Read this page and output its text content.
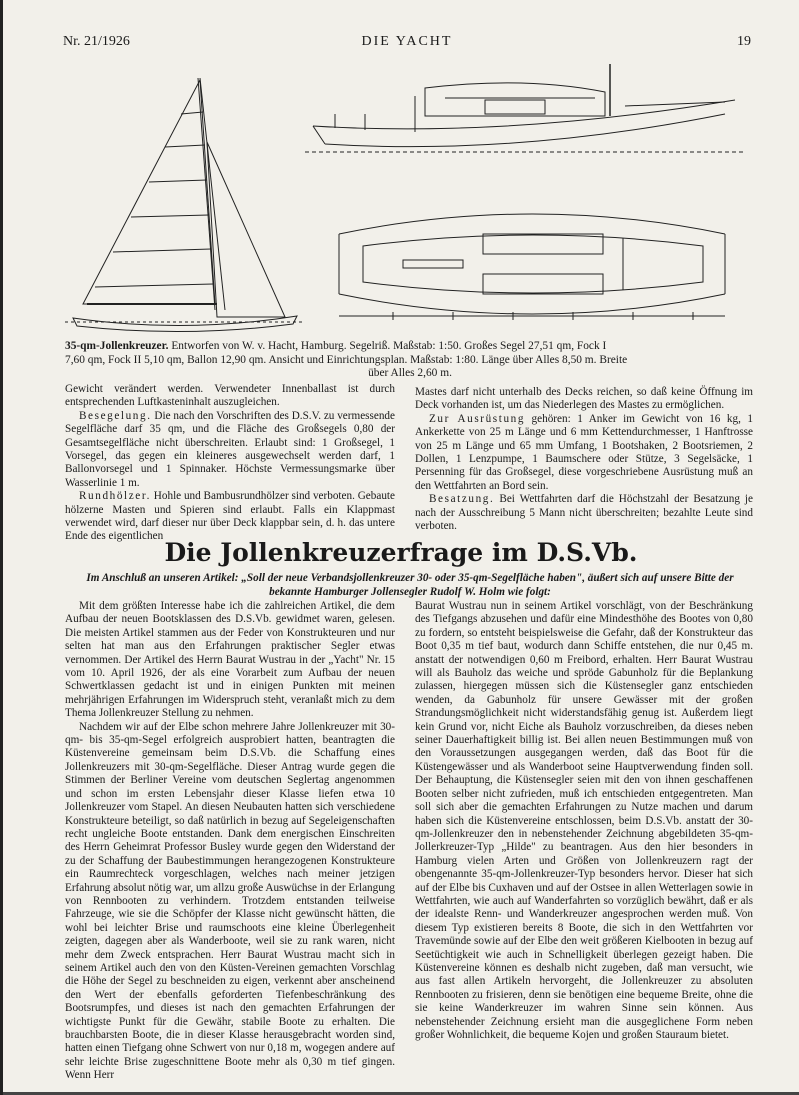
Nr. 21/1926	DIE YACHT	19
35-qm-Jollenkreuzer. Entworfen von W. v. Hacht, Hamburg. Segelriß. Maßstab: 1:50. Großes Segel 27,51 qm, Fock I
7,60 qm, Fock II 5,10 qm, Ballon 12,90 qm. Ansicht und Einrichtungsplan. Maßstab: 1:80. Länge über Alles 8,50 m. Breite
über Alles 2,60 m.

Gewicht verändert werden. Verwendeter Innenballast ist durch entsprechenden Luftkasteninhalt auszugleichen.

Besegelung. Die nach den Vorschriften des D.S.V. zu vermessende Segelfläche darf 35 qm, und die Fläche des Großsegels 0,80 der Gesamtsegelfläche nicht überschreiten. Erlaubt sind: 1 Großsegel, 1 Vorsegel, das gegen ein kleineres ausgewechselt werden darf, 1 Ballonvorsegel und 1 Spinnaker. Höchste Vermessungsmarke über Wasserlinie 1 m.

Rundhölzer. Hohle und Bambusrundhölzer sind verboten. Gebaute hölzerne Masten und Spieren sind erlaubt. Falls ein Klappmast verwendet wird, darf dieser nur über Deck klappbar sein, d. h. das untere Ende des eigentlichen

Mastes darf nicht unterhalb des Decks reichen, so daß keine Öffnung im Deck vorhanden ist, um das Niederlegen des Mastes zu ermöglichen.

Zur Ausrüstung gehören: 1 Anker im Gewicht von 16 kg, 1 Ankerkette von 25 m Länge und 6 mm Kettendurchmesser, 1 Hanftrosse von 25 m Länge und 65 mm Umfang, 1 Bootshaken, 2 Bootsriemen, 2 Dollen, 1 Lenzpumpe, 1 Baumschere oder Stütze, 3 Segelsäcke, 1 Persenning für das Großsegel, diese vorgeschriebene Ausrüstung muß an den Wettfahrten an Bord sein.

Besatzung. Bei Wettfahrten darf die Höchstzahl der Besatzung je nach der Ausschreibung 5 Mann nicht überschreiten; bezahlte Leute sind verboten.

Die Jollenkreuzerfrage im D.S.Vb.
Im Anschluß an unseren Artikel: „Soll der neue Verbandsjollenkreuzer 30- oder 35-qm-Segelfläche haben", äußert sich auf unsere Bitte der bekannte Hamburger Jollensegler Rudolf W. Holm wie folgt:

Mit dem größten Interesse habe ich die zahlreichen Artikel, die dem Aufbau der neuen Bootsklassen des D.S.Vb. gewidmet waren, gelesen. Die meisten Artikel stammen aus der Feder von Konstrukteuren und nur selten hat man aus den Erfahrungen praktischer Segler etwas vernommen. Der Artikel des Herrn Baurat Wustrau in der „Yacht" Nr. 15 vom 10. April 1926, der als eine Vorarbeit zum Aufbau der neuen Schwertklassen gedacht ist und in einigen Punkten mit meinen mehrjährigen Erfahrungen im Widerspruch steht, veranlaßt mich zu dem Thema Jollenkreuzer Stellung zu nehmen.

Nachdem wir auf der Elbe schon mehrere Jahre Jollenkreuzer mit 30-qm- bis 35-qm-Segel erfolgreich ausprobiert hatten, beantragten die Küstenvereine gemeinsam beim D.S.Vb. die Schaffung eines Jollenkreuzers mit 30-qm-Segelfläche. Dieser Antrag wurde gegen die Stimmen der Berliner Vereine vom deutschen Seglertag angenommen und schon im ersten Lebensjahr dieser Klasse liefen etwa 10 Jollenkreuzer vom Stapel. An diesen Neubauten hatten sich verschiedene Konstrukteure beteiligt, so daß natürlich in bezug auf Segeleigenschaften recht ungleiche Boote entstanden. Dank dem energischen Einschreiten des Herrn Geheimrat Professor Busley wurde gegen den Widerstand der zu der Schaffung der Baubestimmungen herangezogenen Konstrukteure ein Raumrechteck vorgeschlagen, welches nach meiner jetzigen Erfahrung absolut nötig war, um allzu große Auswüchse in der Erlangung von Rennbooten zu verhindern. Trotzdem entstanden teilweise Fahrzeuge, wie sie die Schöpfer der Klasse nicht gewünscht hätten, die wohl bei leichter Brise und raumschoots eine kleine Überlegenheit zeigten, dagegen aber als Wanderboote, weil sie zu rank waren, nicht mehr dem Zweck entsprachen. Herr Baurat Wustrau macht sich in seinem Artikel auch den von den Küsten-Vereinen gemachten Vorschlag die Höhe der Segel zu beschneiden zu eigen, verkennt aber anscheinend den Wert der ebenfalls geforderten Tiefenbeschränkung des Bootsrumpfes, und dieses ist nach den gemachten Erfahrungen der wichtigste Punkt für die Gewähr, stabile Boote zu erhalten. Die brauchbarsten Boote, die in dieser Klasse herausgebracht worden sind, hatten einen Tiefgang ohne Schwert von nur 0,18 m, wogegen andere auf sehr leichte Brise zugeschnittene Boote mehr als 0,30 m tief gingen. Wenn Herr

Baurat Wustrau nun in seinem Artikel vorschlägt, von der Beschränkung des Tiefgangs abzusehen und dafür eine Mindesthöhe des Bootes von 0,80 zu fordern, so entsteht beispielsweise die Gefahr, daß der Konstrukteur das Boot 0,35 m tief baut, wodurch dann Schiffe entstehen, die nur 0,45 m. anstatt der notwendigen 0,60 m Freibord, erhalten. Herr Baurat Wustrau will als Bauholz das weiche und spröde Gabunholz für die Beplankung zulassen, hiergegen müssen sich die Küstensegler ganz entschieden wenden, da Gabunholz für unsere Gewässer mit der großen Strandungsmöglichkeit nicht widerstandsfähig genug ist. Außerdem liegt kein Grund vor, nicht Eiche als Bauholz vorzuschreiben, da dieses neben seiner Dauerhaftigkeit billig ist. Bei allen neuen Bestimmungen muß von den Voraussetzungen ausgegangen werden, daß das Boot für die Küstengewässer und als Wanderboot seine Hauptverwendung finden soll. Der Behauptung, die Küstensegler seien mit den von ihnen geschaffenen Booten selber nicht zufrieden, muß ich entschieden entgegentreten. Man soll sich aber die gemachten Erfahrungen zu Nutze machen und darum haben sich die Küstenvereine entschlossen, beim D.S.Vb. anstatt der 30-qm-Jollenkreuzer den in nebenstehender Zeichnung abgebildeten 35-qm-Jollerkreuzer-Typ „Hilde" zu beantragen. Aus den hier besonders in Hamburg vielen Arten und Größen von Jollenkreuzern ragt der obengenannte 35-qm-Jollenkreuzer-Typ besonders hervor. Dieser hat sich auf der Elbe bis Cuxhaven und auf der Ostsee in allen Wetterlagen sowie in Wettfahrten, wie auch auf Wanderfahrten so vorzüglich bewährt, daß er als der idealste Renn- und Wanderkreuzer angesprochen werden muß. Von diesem Typ existieren bereits 8 Boote, die sich in den Wettfahrten vor Travemünde sowie auf der Elbe den weit größeren Kielbooten in bezug auf Seetüchtigkeit wie auch in Schnelligkeit überlegen gezeigt haben. Die Küstenvereine können es deshalb nicht zugeben, daß man versucht, wie aus fast allen Artikeln hervorgeht, die Jollenkreuzer zu absoluten Rennbooten zu frisieren, denn sie benötigen eine bequeme Breite, ohne die sie keine Wanderkreuzer im wahren Sinne sein können. Aus nebenstehender Zeichnung ersieht man die ausgeglichene Form neben großer Wohnlichkeit, die bequeme Kojen und großen Stauraum bietet.
